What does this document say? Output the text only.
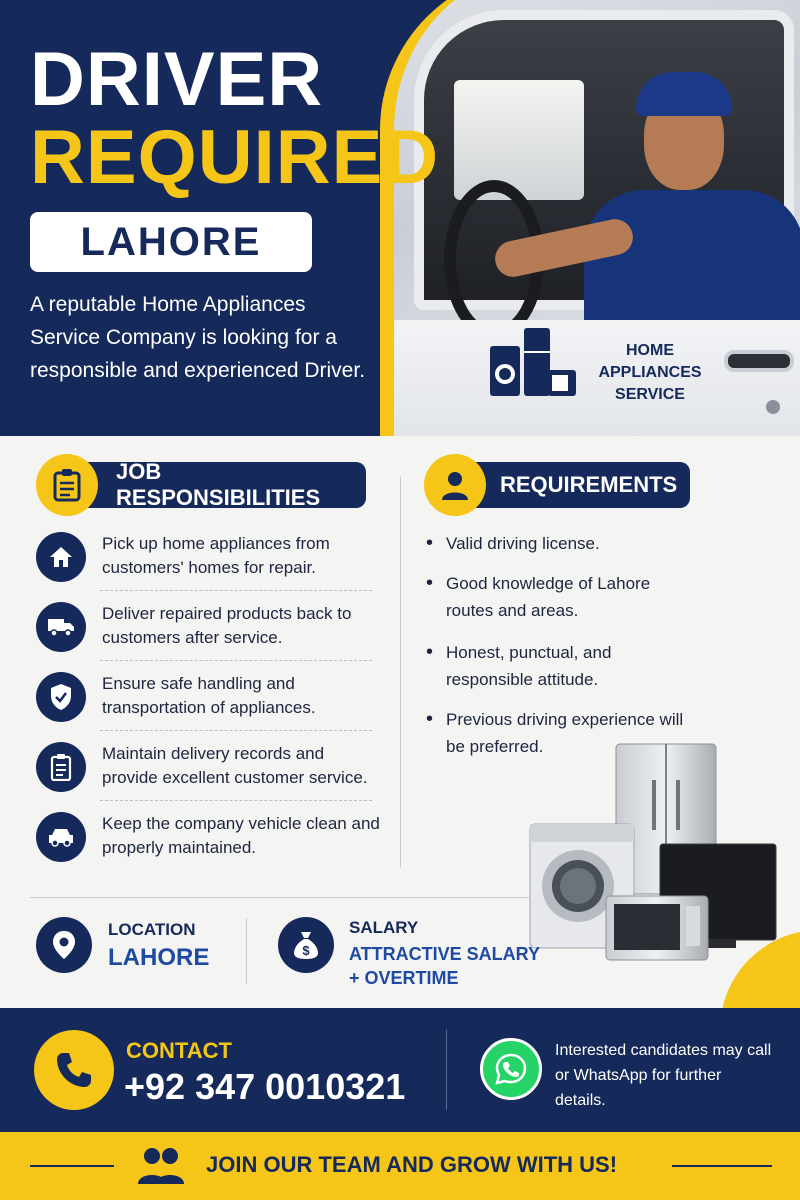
HOME APPLIANCES
SERVICE
DRIVER
REQUIRED
LAHORE
A reputable Home Appliances Service Company is looking for a responsible and experienced Driver.
JOB RESPONSIBILITIES
REQUIREMENTS
Pick up home appliances from customers' homes for repair.
Deliver repaired products back to customers after service.
Ensure safe handling and transportation of appliances.
Maintain delivery records and provide excellent customer service.
Keep the company vehicle clean and properly maintained.
• Valid driving license.
• Good knowledge of Lahore routes and areas.
• Honest, punctual, and responsible attitude.
• Previous driving experience will be preferred.
LOCATION
LAHORE	$
SALARY
ATTRACTIVE SALARY
+ OVERTIME
CONTACT
+92 347 0010321
Interested candidates may call or WhatsApp for further details.
JOIN OUR TEAM AND GROW WITH US!
